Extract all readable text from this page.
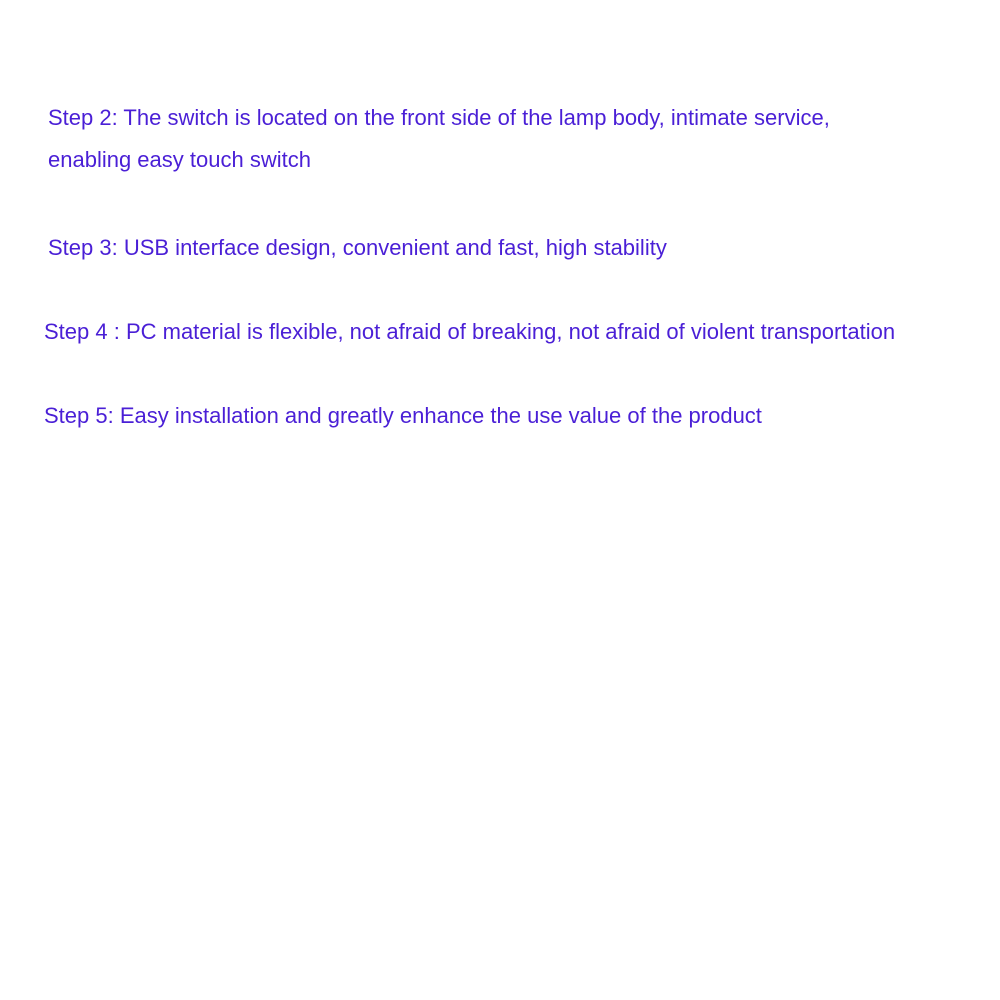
Step 2: The switch is located on the front side of the lamp body, intimate service,
enabling easy touch switch

Step 3: USB interface design, convenient and fast, high stability

Step 4 : PC material is flexible, not afraid of breaking, not afraid of violent transportation

Step 5: Easy installation and greatly enhance the use value of the product
